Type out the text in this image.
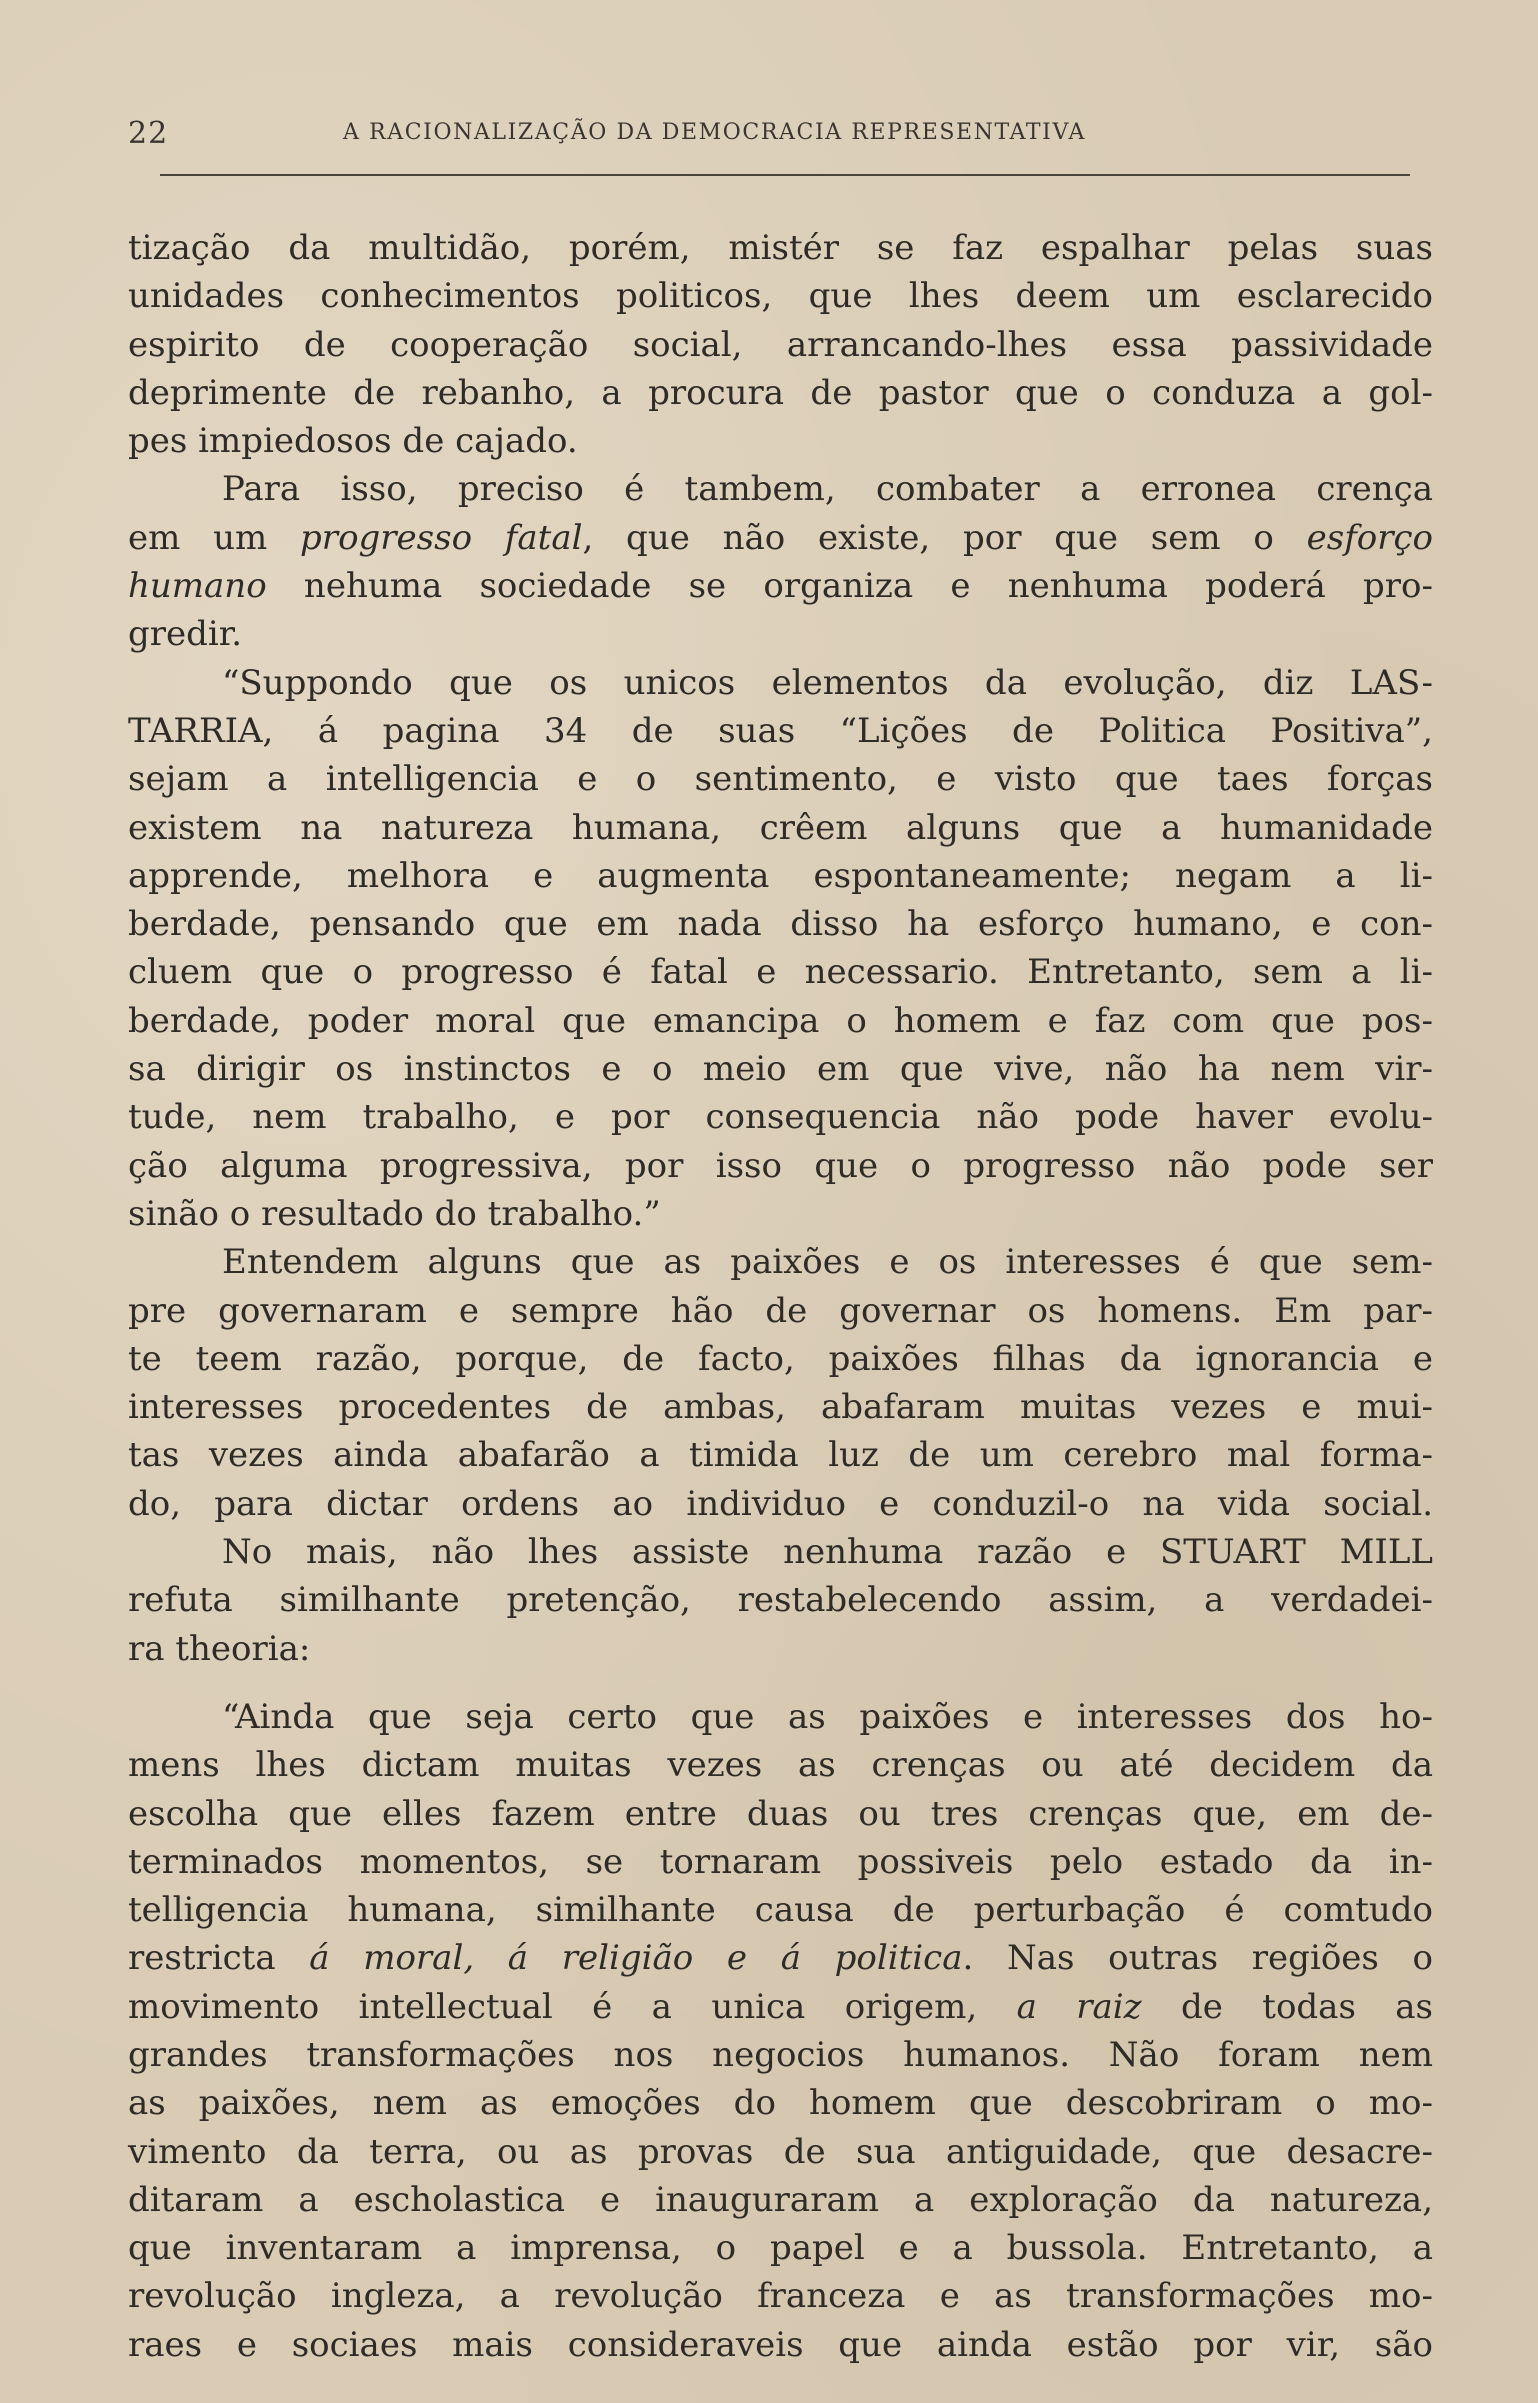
22	A RACIONALIZAÇÃO DA DEMOCRACIA REPRESENTATIVA
tização da multidão, porém, mistér se faz espalhar pelas suas
unidades conhecimentos politicos, que lhes deem um esclarecido
espirito de cooperação social, arrancando-lhes essa passividade
deprimente de rebanho, a procura de pastor que o conduza a gol-
pes impiedosos de cajado.
Para isso, preciso é tambem, combater a erronea crença
em um progresso fatal, que não existe, por que sem o esforço
humano nehuma sociedade se organiza e nenhuma poderá pro-
gredir.
“Suppondo que os unicos elementos da evolução, diz LAS-
TARRIA, á pagina 34 de suas “Lições de Politica Positiva”,
sejam a intelligencia e o sentimento, e visto que taes forças
existem na natureza humana, crêem alguns que a humanidade
apprende, melhora e augmenta espontaneamente; negam a li-
berdade, pensando que em nada disso ha esforço humano, e con-
cluem que o progresso é fatal e necessario. Entretanto, sem a li-
berdade, poder moral que emancipa o homem e faz com que pos-
sa dirigir os instinctos e o meio em que vive, não ha nem vir-
tude, nem trabalho, e por consequencia não pode haver evolu-
ção alguma progressiva, por isso que o progresso não pode ser
sinão o resultado do trabalho.”
Entendem alguns que as paixões e os interesses é que sem-
pre governaram e sempre hão de governar os homens. Em par-
te teem razão, porque, de facto, paixões filhas da ignorancia e
interesses procedentes de ambas, abafaram muitas vezes e mui-
tas vezes ainda abafarão a timida luz de um cerebro mal forma-
do, para dictar ordens ao individuo e conduzil-o na vida social.
No mais, não lhes assiste nenhuma razão e STUART MILL
refuta similhante pretenção, restabelecendo assim, a verdadei-
ra theoria:
“Ainda que seja certo que as paixões e interesses dos ho-
mens lhes dictam muitas vezes as crenças ou até decidem da
escolha que elles fazem entre duas ou tres crenças que, em de-
terminados momentos, se tornaram possiveis pelo estado da in-
telligencia humana, similhante causa de perturbação é comtudo
restricta á moral, á religião e á politica. Nas outras regiões o
movimento intellectual é a unica origem, a raiz de todas as
grandes transformações nos negocios humanos. Não foram nem
as paixões, nem as emoções do homem que descobriram o mo-
vimento da terra, ou as provas de sua antiguidade, que desacre-
ditaram a escholastica e inauguraram a exploração da natureza,
que inventaram a imprensa, o papel e a bussola. Entretanto, a
revolução ingleza, a revolução franceza e as transformações mo-
raes e sociaes mais consideraveis que ainda estão por vir, são
